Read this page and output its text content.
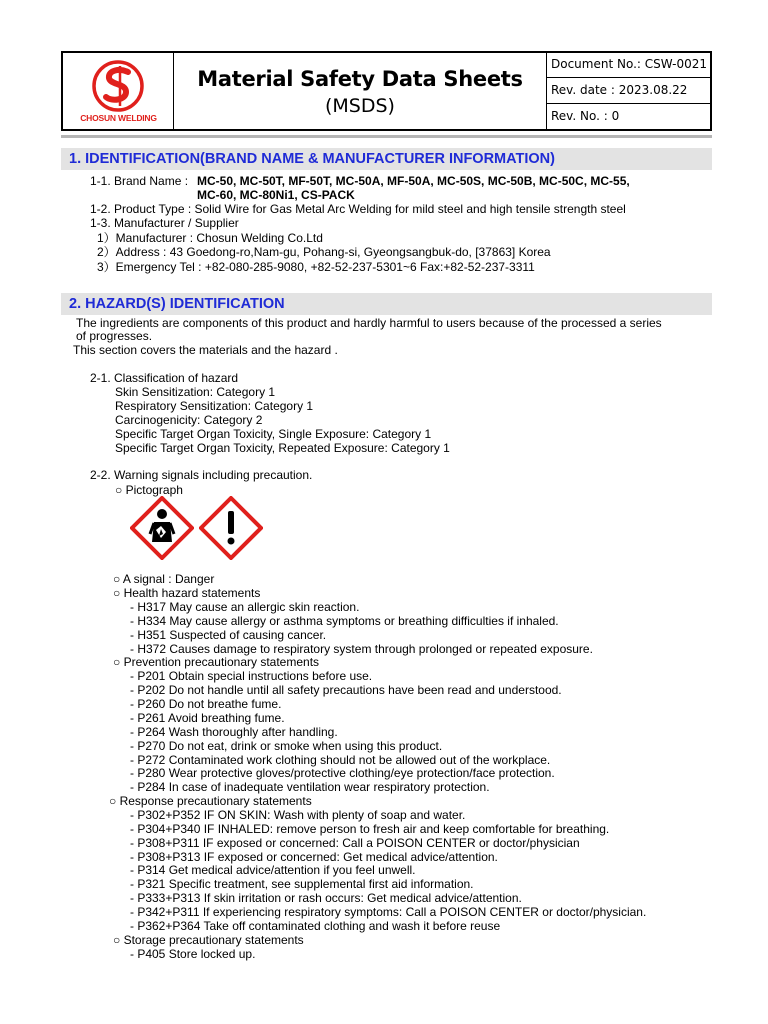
CHOSUN WELDING
Material Safety Data Sheets
(MSDS)
Document No.: CSW-0021
Rev. date : 2023.08.22
Rev. No. : 0
1. IDENTIFICATION(BRAND NAME & MANUFACTURER INFORMATION)
1-1. Brand Name : MC-50, MC-50T, MF-50T, MC-50A, MF-50A, MC-50S, MC-50B, MC-50C, MC-55,
MC-60, MC-80Ni1, CS-PACK
1-2. Product Type : Solid Wire for Gas Metal Arc Welding for mild steel and high tensile strength steel
1-3. Manufacturer / Supplier
1）Manufacturer : Chosun Welding Co.Ltd
2）Address : 43 Goedong-ro,Nam-gu, Pohang-si, Gyeongsangbuk-do, [37863] Korea
3）Emergency Tel : +82-080-285-9080, +82-52-237-5301~6 Fax:+82-52-237-3311
2. HAZARD(S) IDENTIFICATION
The ingredients are components of this product and hardly harmful to users because of the processed a series
of progresses.
This section covers the materials and the hazard .
2-1. Classification of hazard
Skin Sensitization: Category 1
Respiratory Sensitization: Category 1
Carcinogenicity: Category 2
Specific Target Organ Toxicity, Single Exposure: Category 1
Specific Target Organ Toxicity, Repeated Exposure: Category 1
2-2. Warning signals including precaution.
○ Pictograph
○ A signal : Danger
○ Health hazard statements
- H317 May cause an allergic skin reaction.
- H334 May cause allergy or asthma symptoms or breathing difficulties if inhaled.
- H351 Suspected of causing cancer.
- H372 Causes damage to respiratory system through prolonged or repeated exposure.
○ Prevention precautionary statements
- P201 Obtain special instructions before use.
- P202 Do not handle until all safety precautions have been read and understood.
- P260 Do not breathe fume.
- P261 Avoid breathing fume.
- P264 Wash thoroughly after handling.
- P270 Do not eat, drink or smoke when using this product.
- P272 Contaminated work clothing should not be allowed out of the workplace.
- P280 Wear protective gloves/protective clothing/eye protection/face protection.
- P284 In case of inadequate ventilation wear respiratory protection.
○ Response precautionary statements
- P302+P352 IF ON SKIN: Wash with plenty of soap and water.
- P304+P340 IF INHALED: remove person to fresh air and keep comfortable for breathing.
- P308+P311 IF exposed or concerned: Call a POISON CENTER or doctor/physician
- P308+P313 IF exposed or concerned: Get medical advice/attention.
- P314 Get medical advice/attention if you feel unwell.
- P321 Specific treatment, see supplemental first aid information.
- P333+P313 If skin irritation or rash occurs: Get medical advice/attention.
- P342+P311 If experiencing respiratory symptoms: Call a POISON CENTER or doctor/physician.
- P362+P364 Take off contaminated clothing and wash it before reuse
○ Storage precautionary statements
- P405 Store locked up.
